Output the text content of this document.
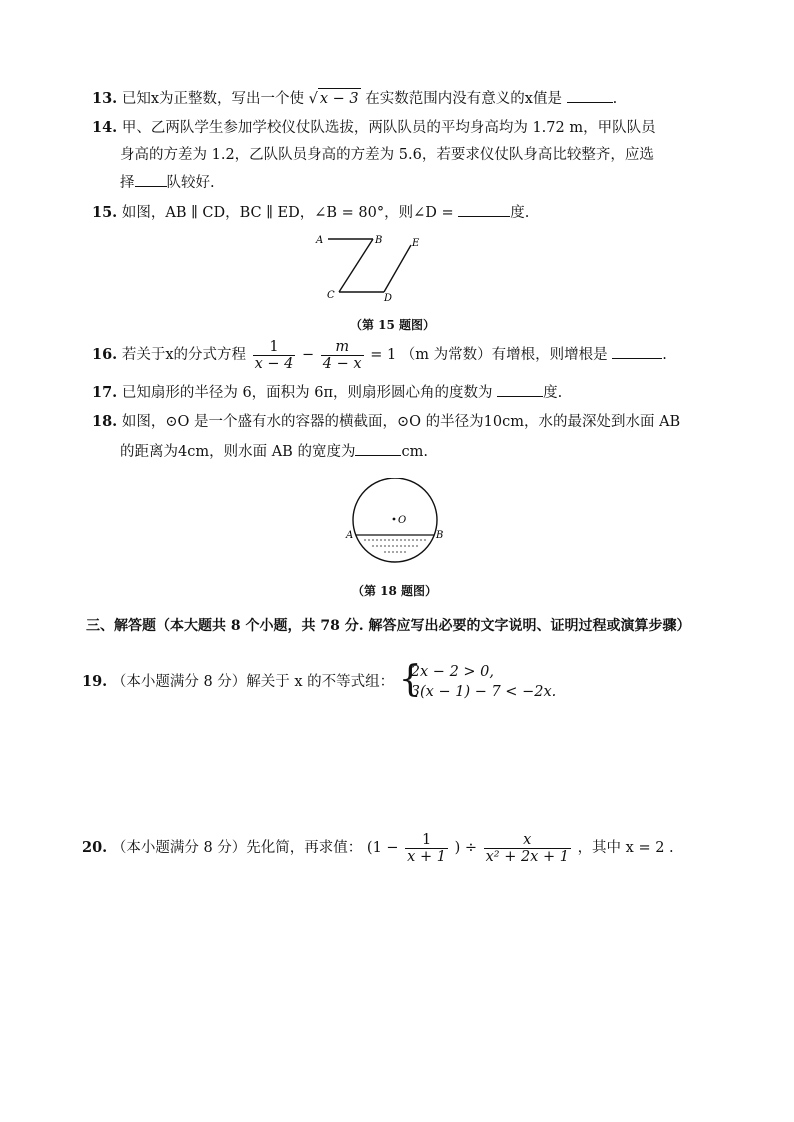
13. 已知x为正整数，写出一个使 √ x − 3 在实数范围内没有意义的x值是	.
14. 甲、乙两队学生参加学校仪仗队选拔，两队队员的平均身高均为 1.72 m，甲队队员
身高的方差为 1.2，乙队队员身高的方差为 5.6，若要求仪仗队身高比较整齐，应选
择 队较好.
15. 如图，AB ∥ CD，BC ∥ ED，∠B = 80°，则∠D =	度.
A	B
C	D
E
（第 15 题图）
16. 若关于x的分式方程 $\frac{1}{x - 4} - \frac{m}{4 - x} = 1$ （m 为常数）有增根，则增根是	.
17. 已知扇形的半径为 6，面积为 6π，则扇形圆心角的度数为	度.
18. 如图，⊙O 是一个盛有水的容器的横截面，⊙O 的半径为10cm，水的最深处到水面 AB
的距离为4cm，则水面 AB 的宽度为	cm.
O
A	B
（第 18 题图）
三、解答题（本大题共 8 个小题，共 78 分. 解答应写出必要的文字说明、证明过程或演算步骤）
19. （本小题满分 8 分）解关于 x 的不等式组： {
2x − 2 > 0,
3(x − 1) − 7 < −2x.
20. （本小题满分 8 分）先化简，再求值： ($1 - \frac{1}{x + 1}$ ) ÷ $\frac{x}{\text{x² + 2x + 1}}$ ，其中 x = 2 .
